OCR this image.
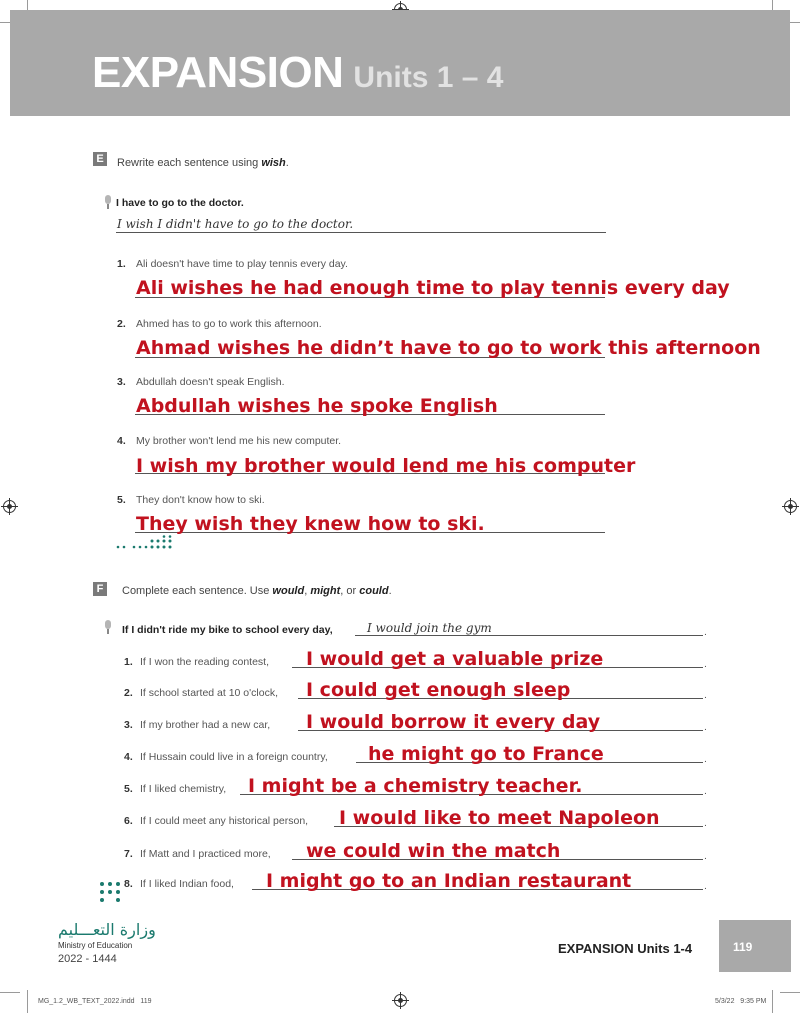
EXPANSION Units 1 – 4
E	Rewrite each sentence using wish.
I have to go to the doctor.
I wish I didn't have to go to the doctor.
1. Ali doesn't have time to play tennis every day.
Ali wishes he had enough time to play tennis every day
2. Ahmed has to go to work this afternoon.
Ahmad wishes he didn’t have to go to work this afternoon
3. Abdullah doesn't speak English.
Abdullah wishes he spoke English
4. My brother won't lend me his new computer.
I wish my brother would lend me his computer
5. They don't know how to ski.
They wish they knew how to ski.
F	Complete each sentence. Use would, might, or could.
If I didn't ride my bike to school every day,	I would join the gym	.
1. If I won the reading contest, I would get a valuable prize
2. If school started at 10 o'clock, I could get enough sleep
3. If my brother had a new car, I would borrow it every day
4. If Hussain could live in a foreign country, he might go to France
5. If I liked chemistry, I might be a chemistry teacher.
6. If I could meet any historical person, I would like to meet Napoleon
7. If Matt and I practiced more, we could win the match
8. If I liked Indian food, I might go to an Indian restaurant
.
.
.
.
.
.
.
.
وزارة التعـــليم
Ministry of Education
2022 - 1444
EXPANSION Units 1-4	119
MG_1.2_WB_TEXT_2022.indd   119	5/3/22   9:35 PM
